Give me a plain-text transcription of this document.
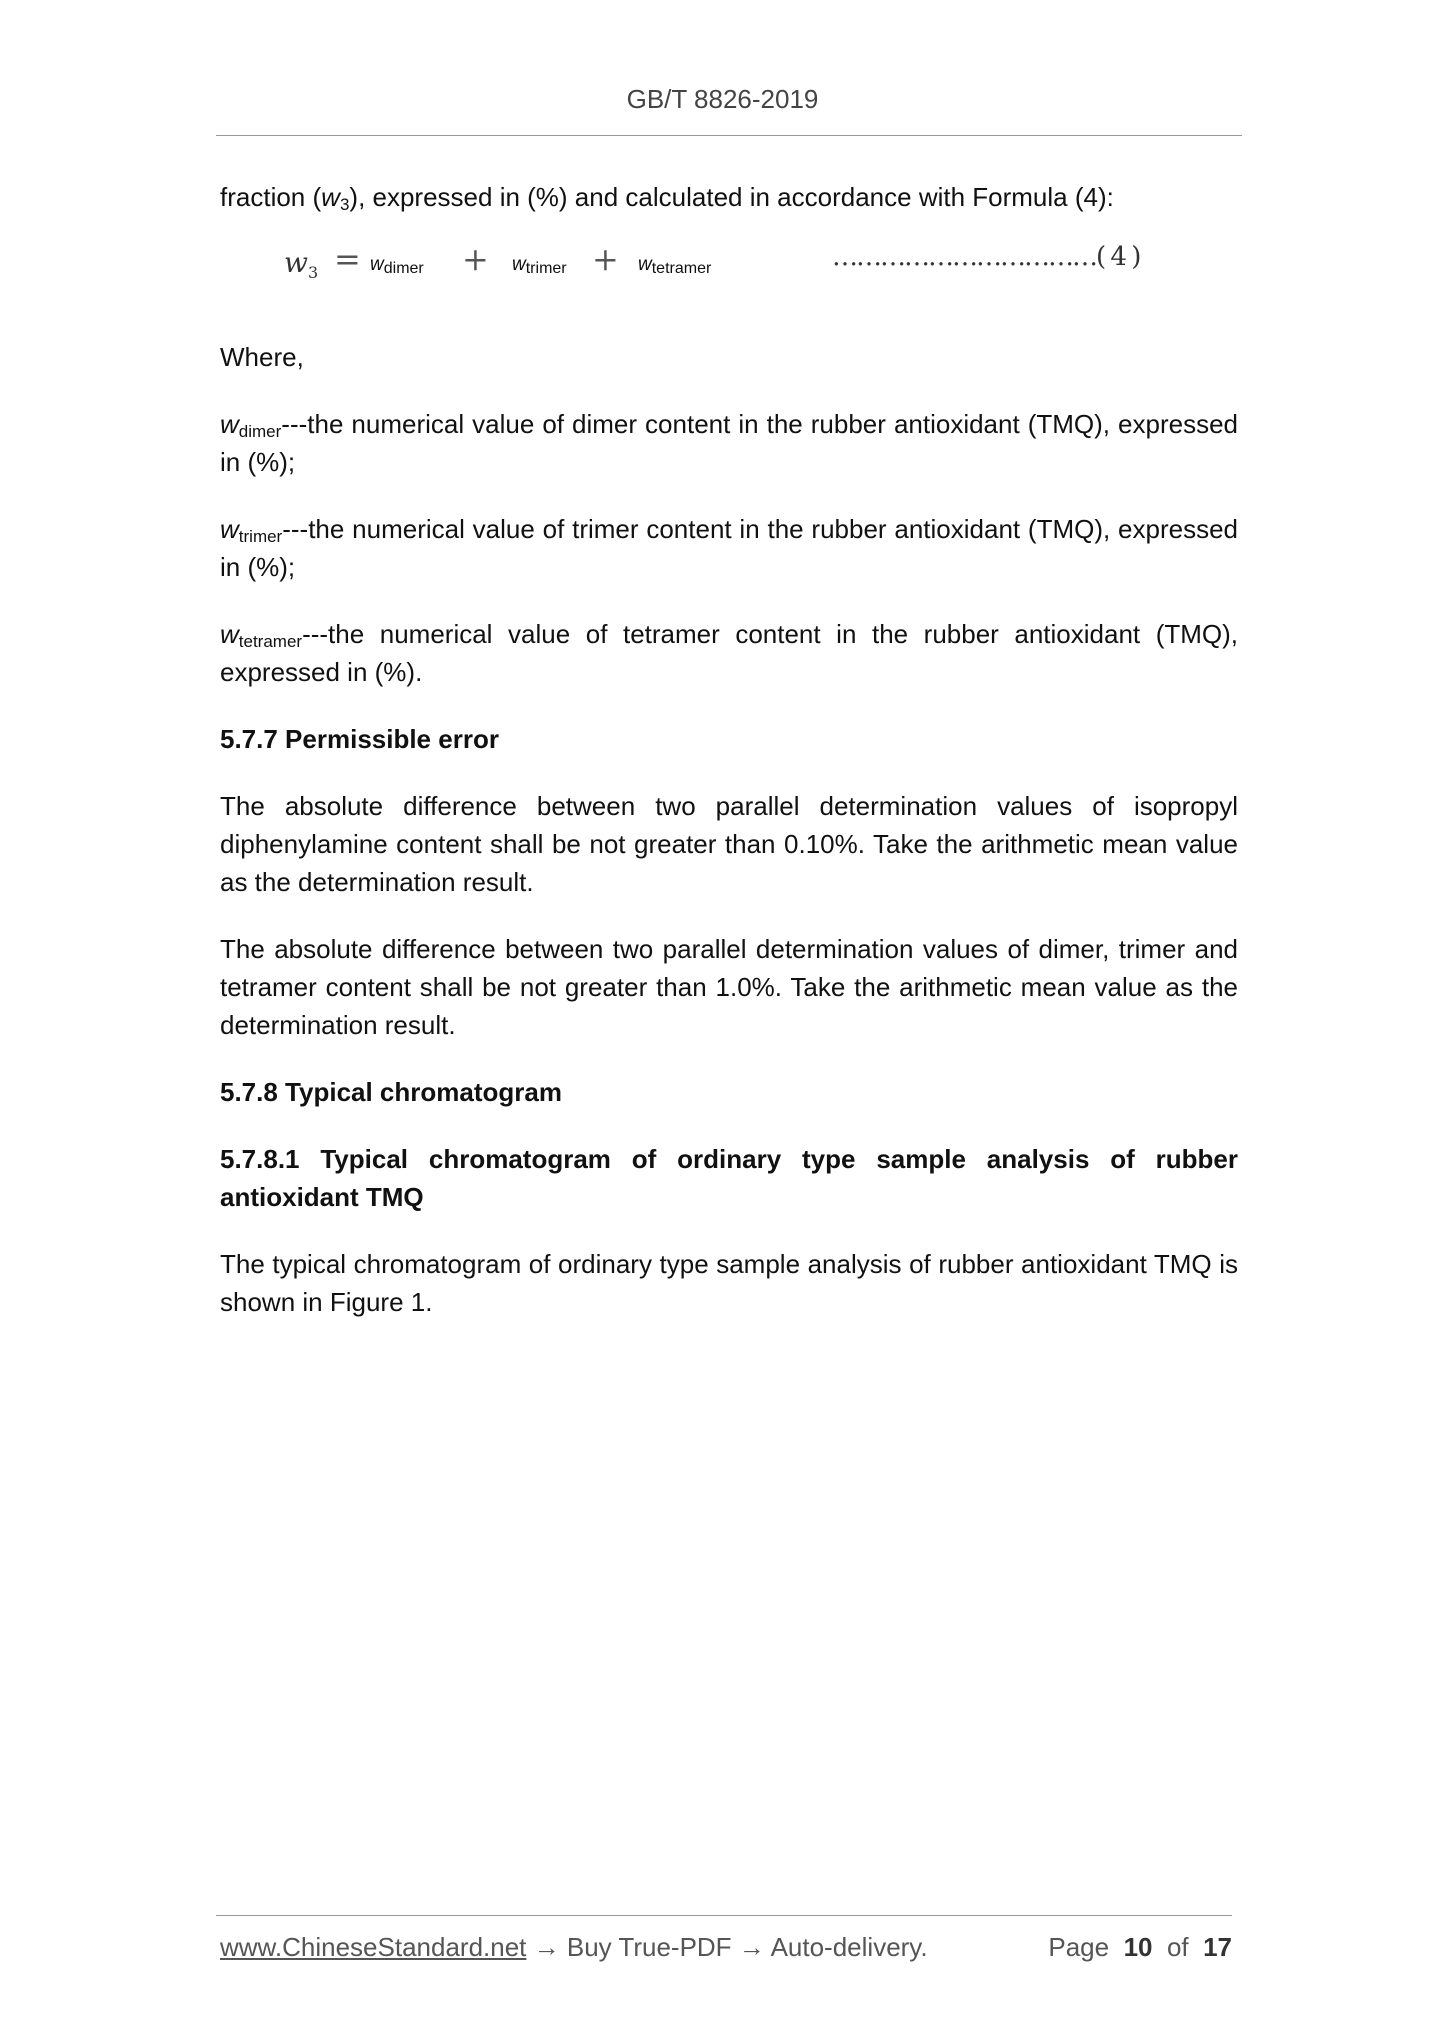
GB/T 8826-2019

fraction $(w_3)$, expressed in (%) and calculated in accordance with Formula (4):

$w_3 = w_{dimer} + w_{trimer} + w_{tetramer}$	……………………………( 4 )

Where,

$w_{dimer}--$-the numerical value of dimer content in the rubber antioxidant (TMQ), expressed in (%);

$w_{trimer}--$-the numerical value of trimer content in the rubber antioxidant (TMQ), expressed in (%);

$w_{tetramer}--$-the numerical value of tetramer content in the rubber antioxidant (TMQ), expressed in (%).

5.7.7 Permissible error

The absolute difference between two parallel determination values of isopropyl diphenylamine content shall be not greater than 0.10%. Take the arithmetic mean value as the determination result.

The absolute difference between two parallel determination values of dimer, trimer and tetramer content shall be not greater than 1.0%. Take the arithmetic mean value as the determination result.

5.7.8 Typical chromatogram
5.7.8.1 Typical chromatogram of ordinary type sample analysis of rubber antioxidant TMQ

The typical chromatogram of ordinary type sample analysis of rubber antioxidant TMQ is shown in Figure 1.

www.ChineseStandard.net → Buy True-PDF → Auto-delivery.	Page 10 of 17
